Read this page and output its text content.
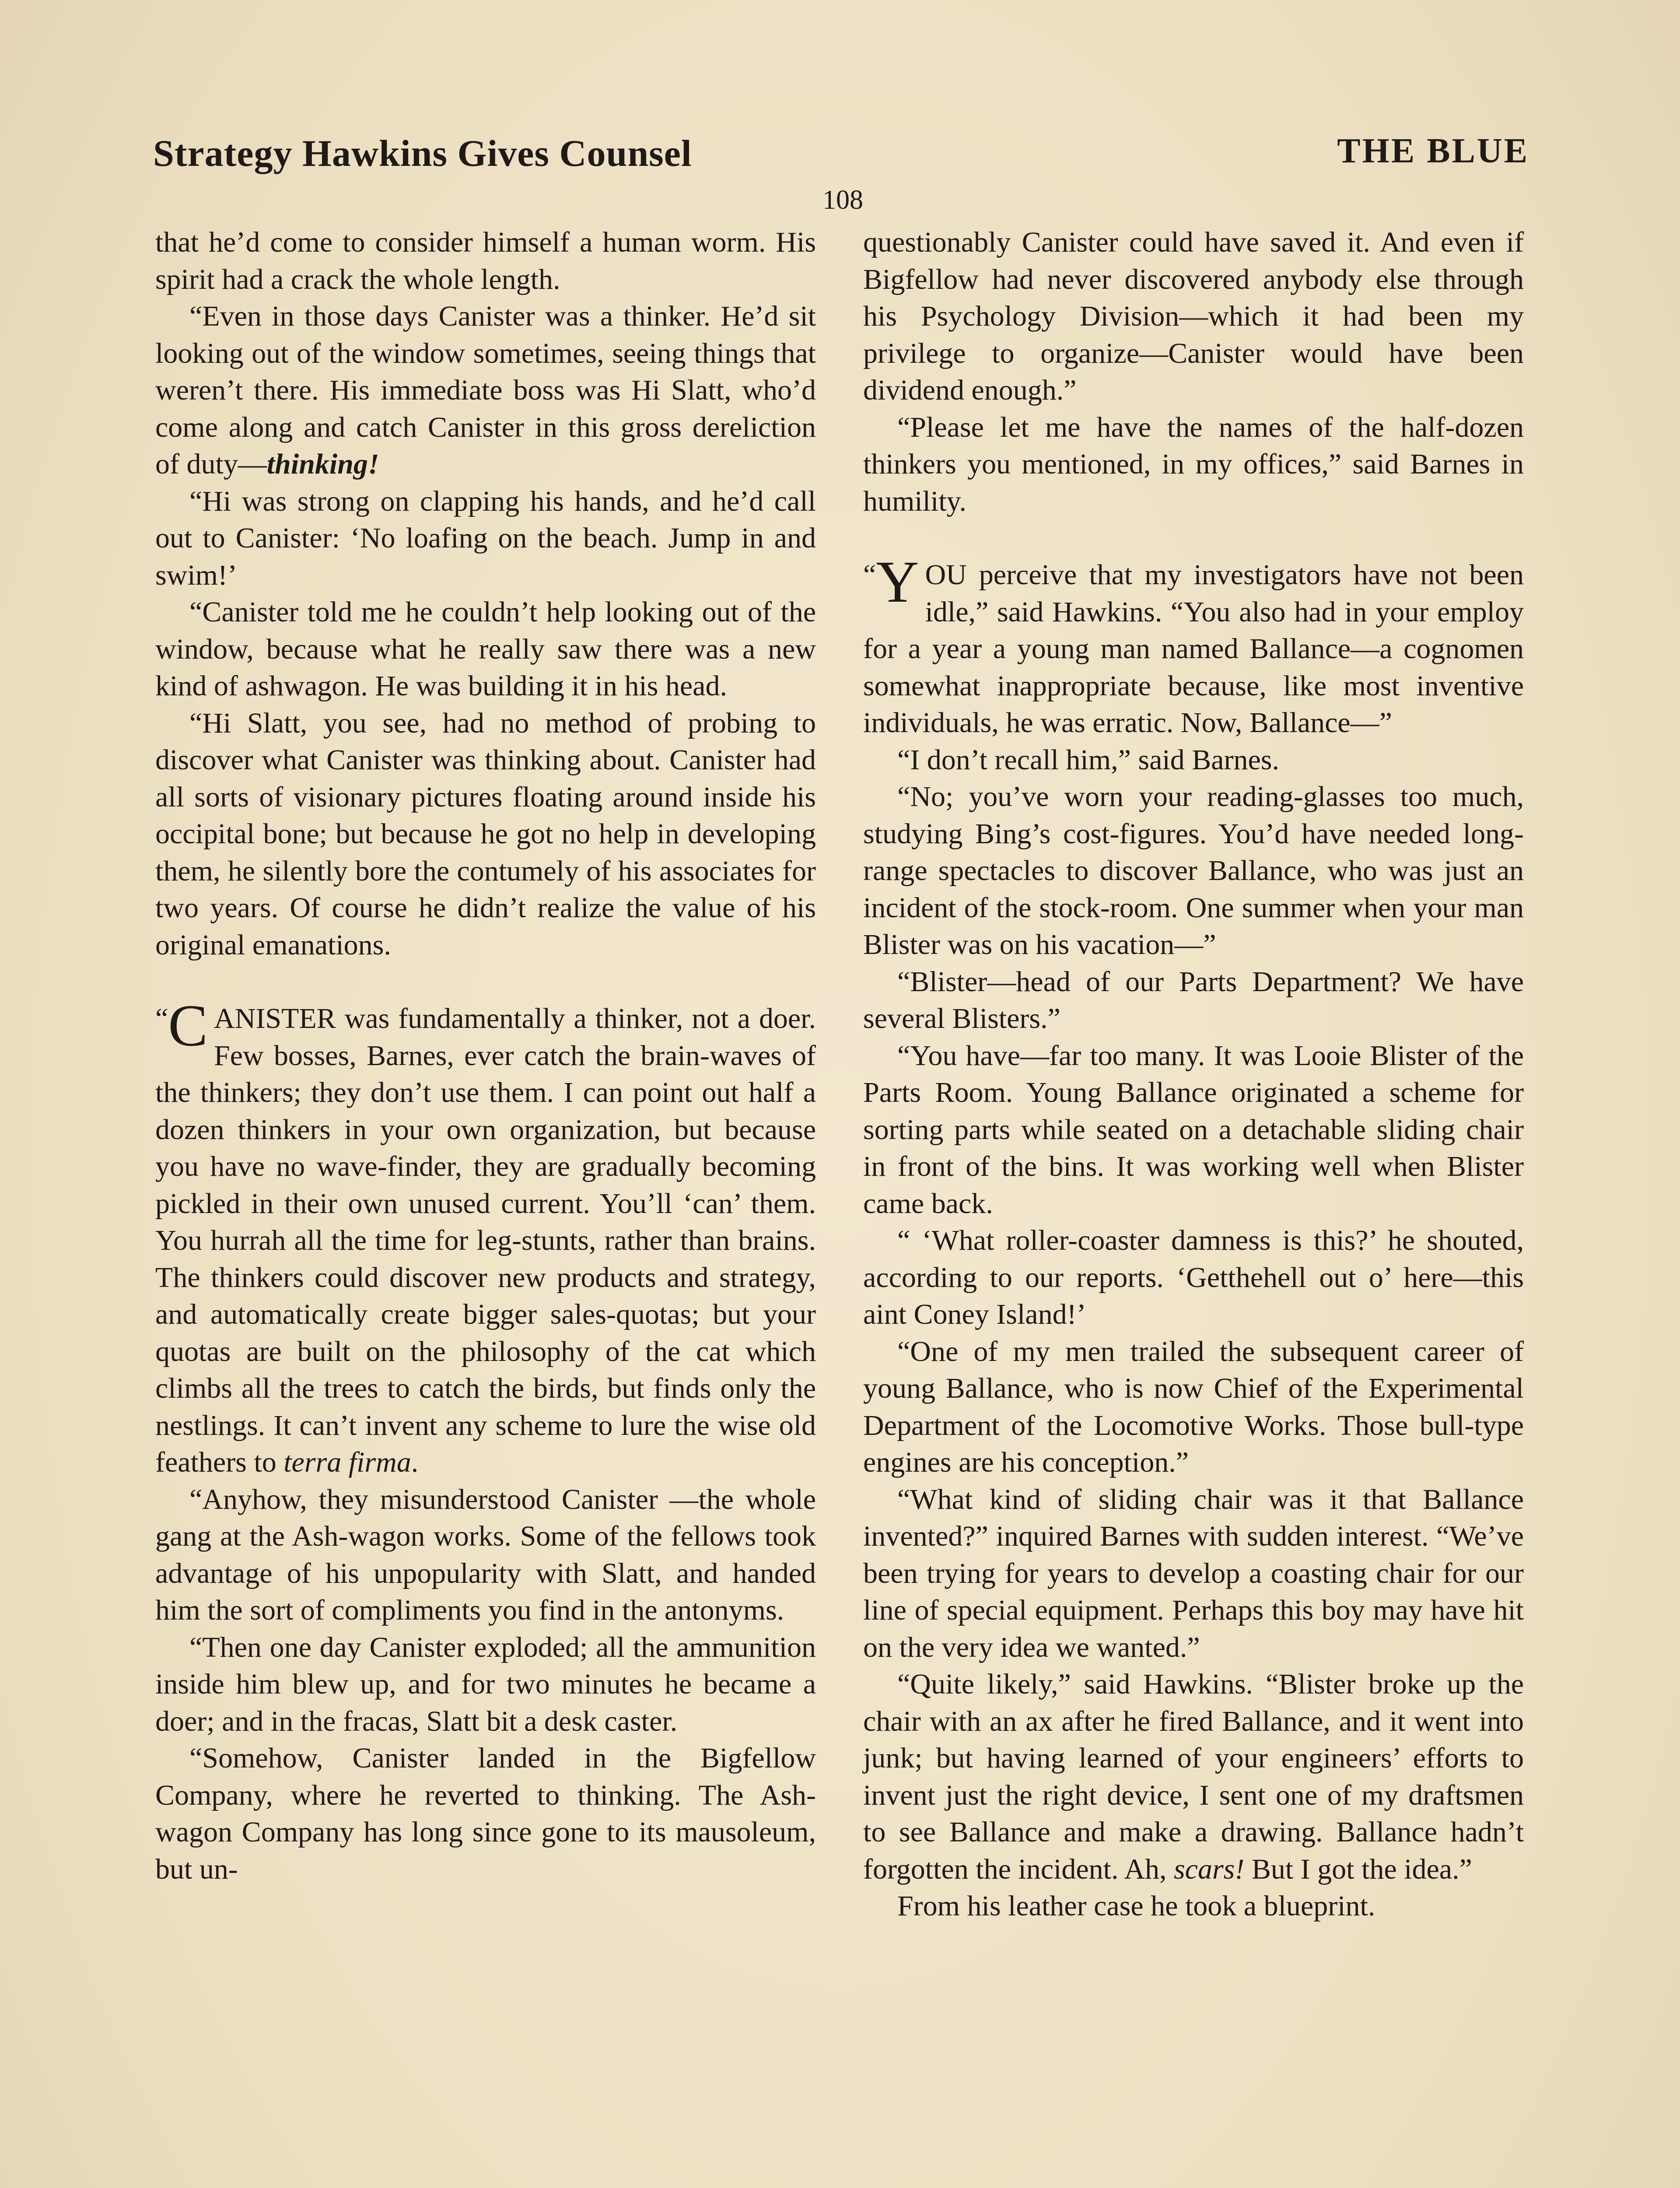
Strategy Hawkins Gives Counsel	THE BLUE
108

that he’d come to consider himself a human worm. His spirit had a crack the whole length.

“Even in those days Canister was a thinker. He’d sit looking out of the window sometimes, seeing things that weren’t there. His immediate boss was Hi Slatt, who’d come along and catch Canister in this gross dereliction of duty—thinking!

“Hi was strong on clapping his hands, and he’d call out to Canister: ‘No loafing on the beach. Jump in and swim!’

“Canister told me he couldn’t help looking out of the window, because what he really saw there was a new kind of ashwagon. He was building it in his head.

“Hi Slatt, you see, had no method of probing to discover what Canister was thinking about. Canister had all sorts of visionary pictures floating around inside his occipital bone; but because he got no help in developing them, he silently bore the contumely of his associates for two years. Of course he didn’t realize the value of his original emanations.

“ C ANISTER was fundamentally a thinker, not a doer. Few bosses, Barnes, ever catch the brain-waves of the thinkers; they don’t use them. I can point out half a dozen thinkers in your own organization, but because you have no wave-finder, they are gradually becoming pickled in their own unused current. You’ll ‘can’ them. You hurrah all the time for leg-stunts, rather than brains. The thinkers could discover new products and strategy, and automatically create bigger sales-quotas; but your quotas are built on the philosophy of the cat which climbs all the trees to catch the birds, but finds only the nestlings. It can’t invent any scheme to lure the wise old feathers to terra firma.

“Anyhow, they misunderstood Canister —the whole gang at the Ash-wagon works. Some of the fellows took advantage of his unpopularity with Slatt, and handed him the sort of compliments you find in the antonyms.

“Then one day Canister exploded; all the ammunition inside him blew up, and for two minutes he became a doer; and in the fracas, Slatt bit a desk caster.

“Somehow, Canister landed in the Bigfellow Company, where he reverted to thinking. The Ash-wagon Company has long since gone to its mausoleum, but un-

questionably Canister could have saved it. And even if Bigfellow had never discovered anybody else through his Psychology Division—which it had been my privilege to organize—Canister would have been dividend enough.”

“Please let me have the names of the half-dozen thinkers you mentioned, in my offices,” said Barnes in humility.

“ Y OU perceive that my investigators have not been idle,” said Hawkins. “You also had in your employ for a year a young man named Ballance—a cognomen somewhat inappropriate because, like most inventive individuals, he was erratic. Now, Ballance—”

“I don’t recall him,” said Barnes.

“No; you’ve worn your reading-glasses too much, studying Bing’s cost-figures. You’d have needed long-range spectacles to discover Ballance, who was just an incident of the stock-room. One summer when your man Blister was on his vacation—”

“Blister—head of our Parts Department? We have several Blisters.”

“You have—far too many. It was Looie Blister of the Parts Room. Young Ballance originated a scheme for sorting parts while seated on a detachable sliding chair in front of the bins. It was working well when Blister came back.

“ ‘What roller-coaster damness is this?’ he shouted, according to our reports. ‘Getthehell out o’ here—this aint Coney Island!’

“One of my men trailed the subsequent career of young Ballance, who is now Chief of the Experimental Department of the Locomotive Works. Those bull-type engines are his conception.”

“What kind of sliding chair was it that Ballance invented?” inquired Barnes with sudden interest. “We’ve been trying for years to develop a coasting chair for our line of special equipment. Perhaps this boy may have hit on the very idea we wanted.”

“Quite likely,” said Hawkins. “Blister broke up the chair with an ax after he fired Ballance, and it went into junk; but having learned of your engineers’ efforts to invent just the right device, I sent one of my draftsmen to see Ballance and make a drawing. Ballance hadn’t forgotten the incident. Ah, scars! But I got the idea.”

From his leather case he took a blueprint.
